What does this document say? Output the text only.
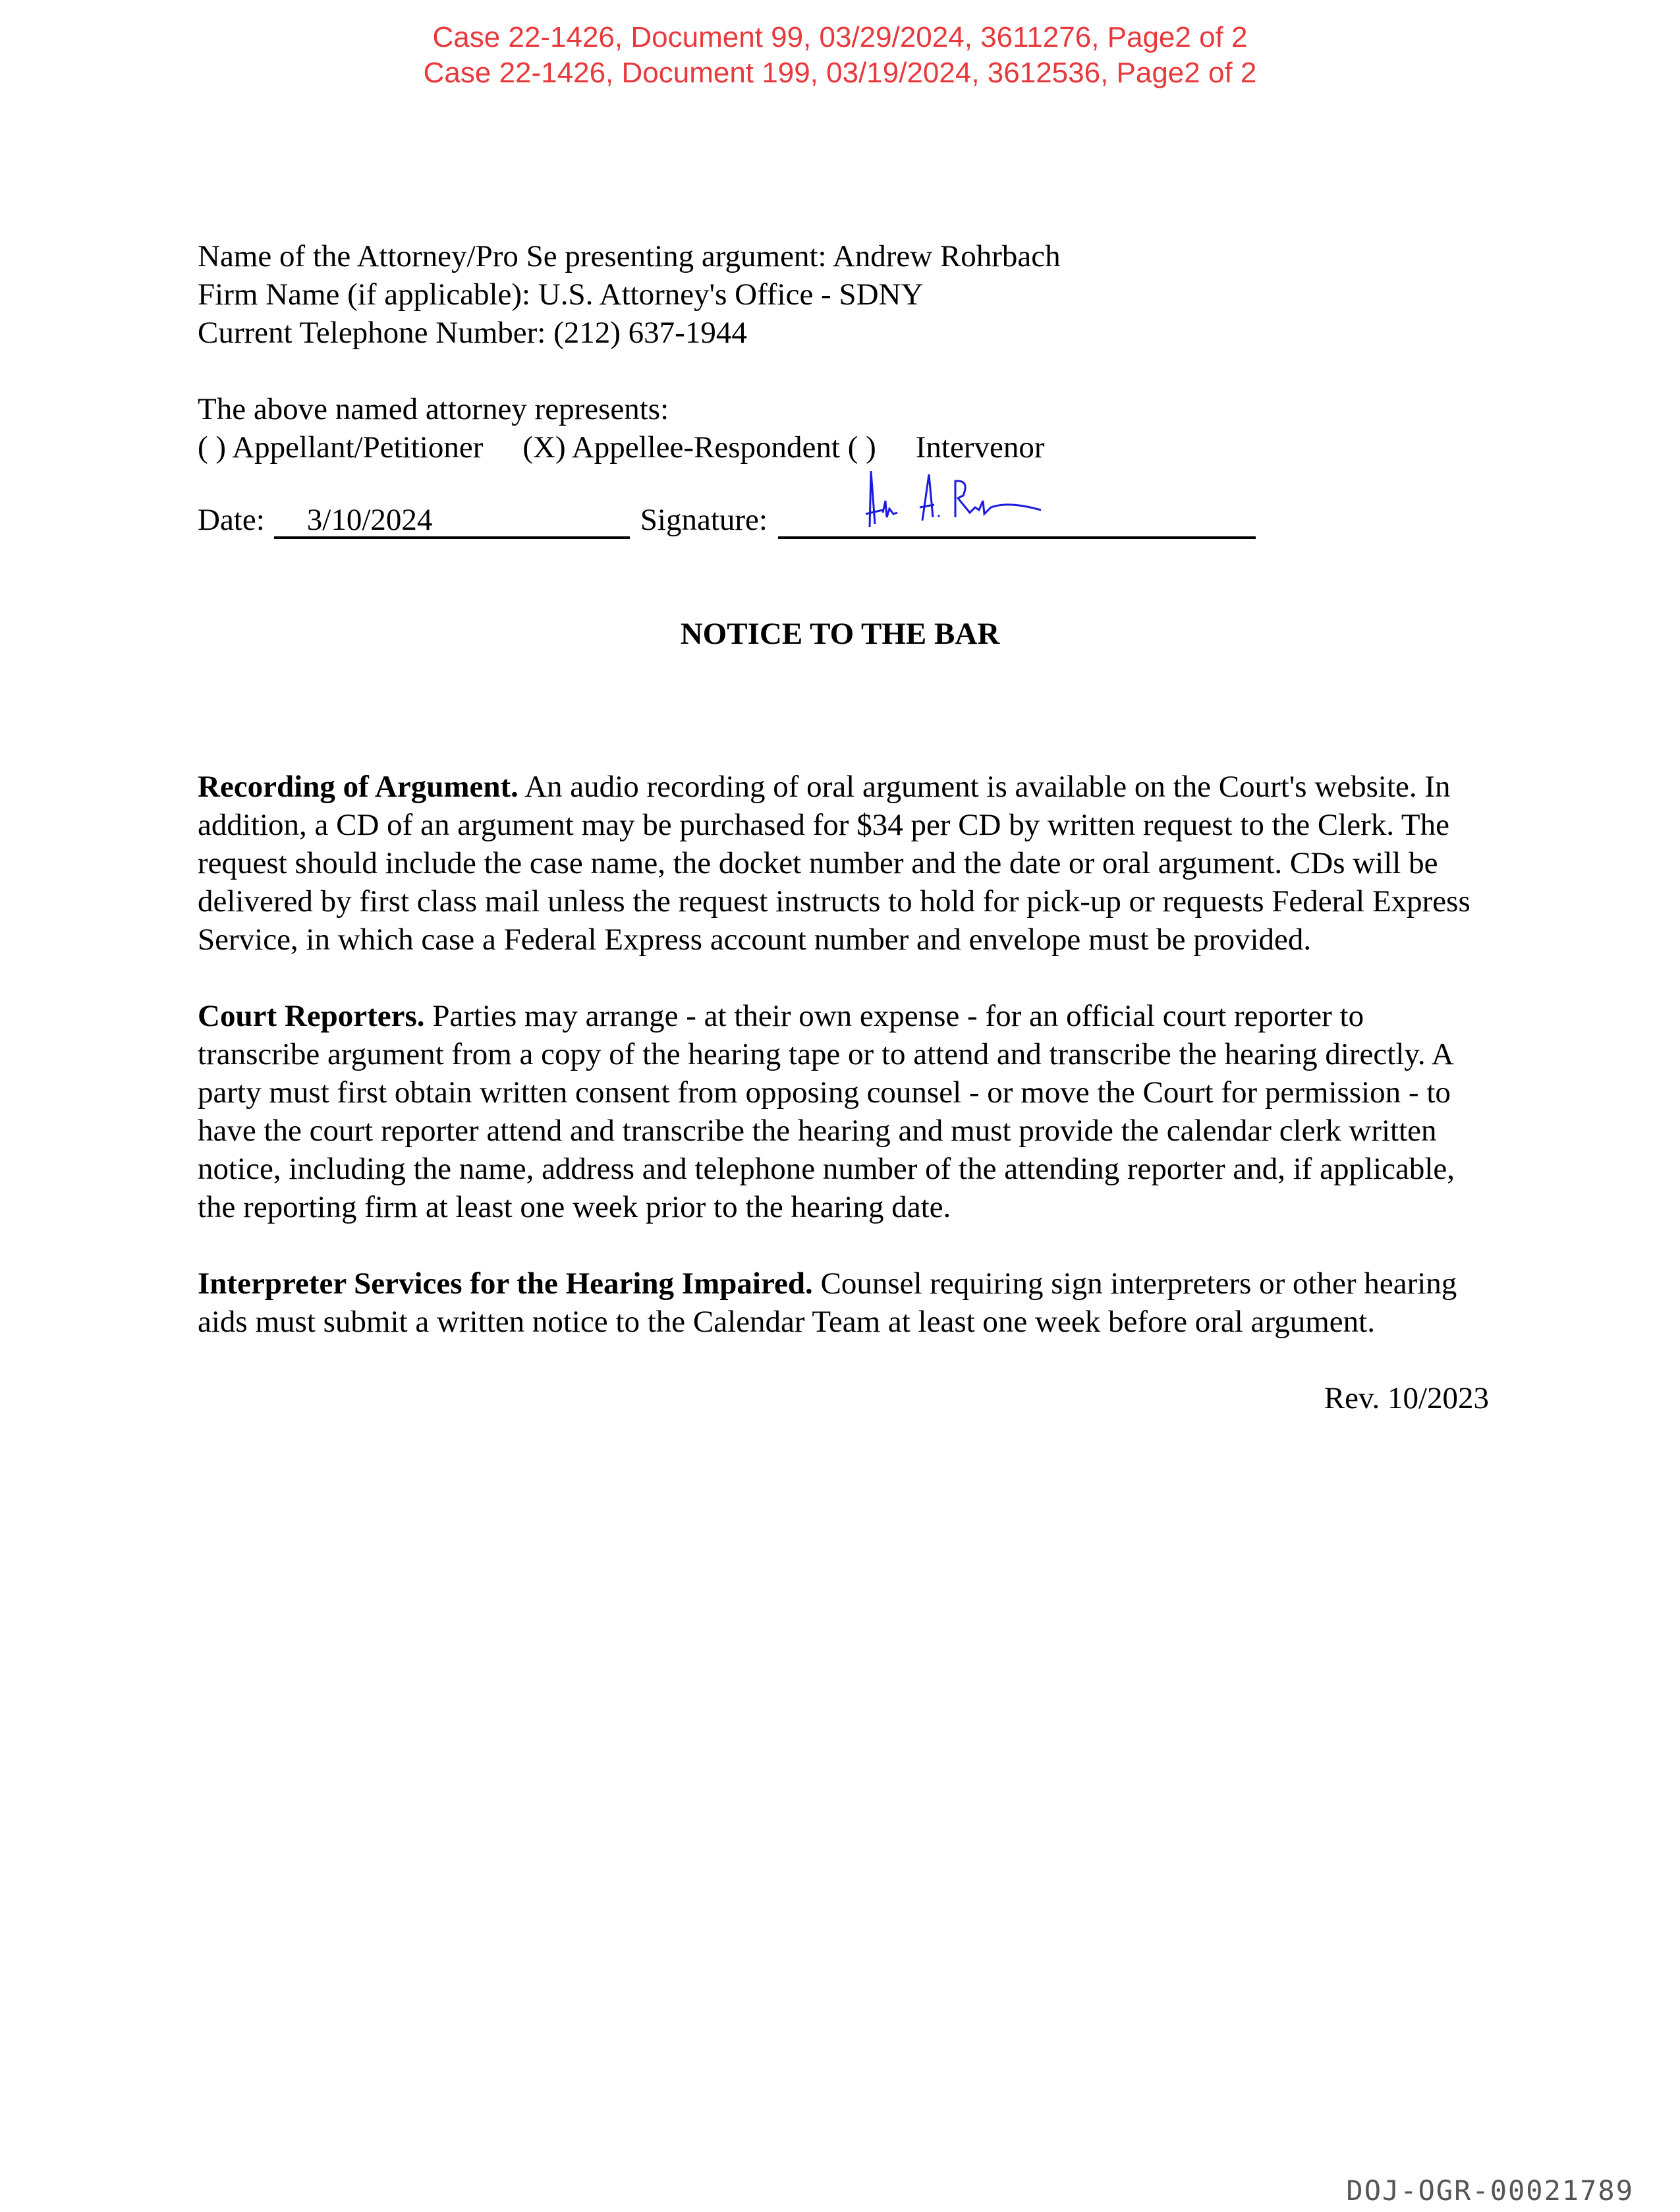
Case 22-1426, Document 99, 03/29/2024, 3611276, Page2 of 2
Case 22-1426, Document 199, 03/19/2024, 3612536, Page2 of 2
Name of the Attorney/Pro Se presenting argument: Andrew Rohrbach
Firm Name (if applicable): U.S. Attorney's Office - SDNY
Current Telephone Number: (212) 637-1944
The above named attorney represents:
( ) Appellant/Petitioner (X) Appellee-Respondent ( ) Intervenor
Date:	3/10/2024	Signature:
NOTICE TO THE BAR

Recording of Argument. An audio recording of oral argument is available on the Court's website. In addition, a CD of an argument may be purchased for $34 per CD by written request to the Clerk. The request should include the case name, the docket number and the date or oral argument. CDs will be delivered by first class mail unless the request instructs to hold for pick-up or requests Federal Express Service, in which case a Federal Express account number and envelope must be provided.

Court Reporters. Parties may arrange - at their own expense - for an official court reporter to transcribe argument from a copy of the hearing tape or to attend and transcribe the hearing directly. A party must first obtain written consent from opposing counsel - or move the Court for permission - to have the court reporter attend and transcribe the hearing and must provide the calendar clerk written notice, including the name, address and telephone number of the attending reporter and, if applicable, the reporting firm at least one week prior to the hearing date.

Interpreter Services for the Hearing Impaired. Counsel requiring sign interpreters or other hearing aids must submit a written notice to the Calendar Team at least one week before oral argument.

Rev. 10/2023

DOJ-OGR-00021789
